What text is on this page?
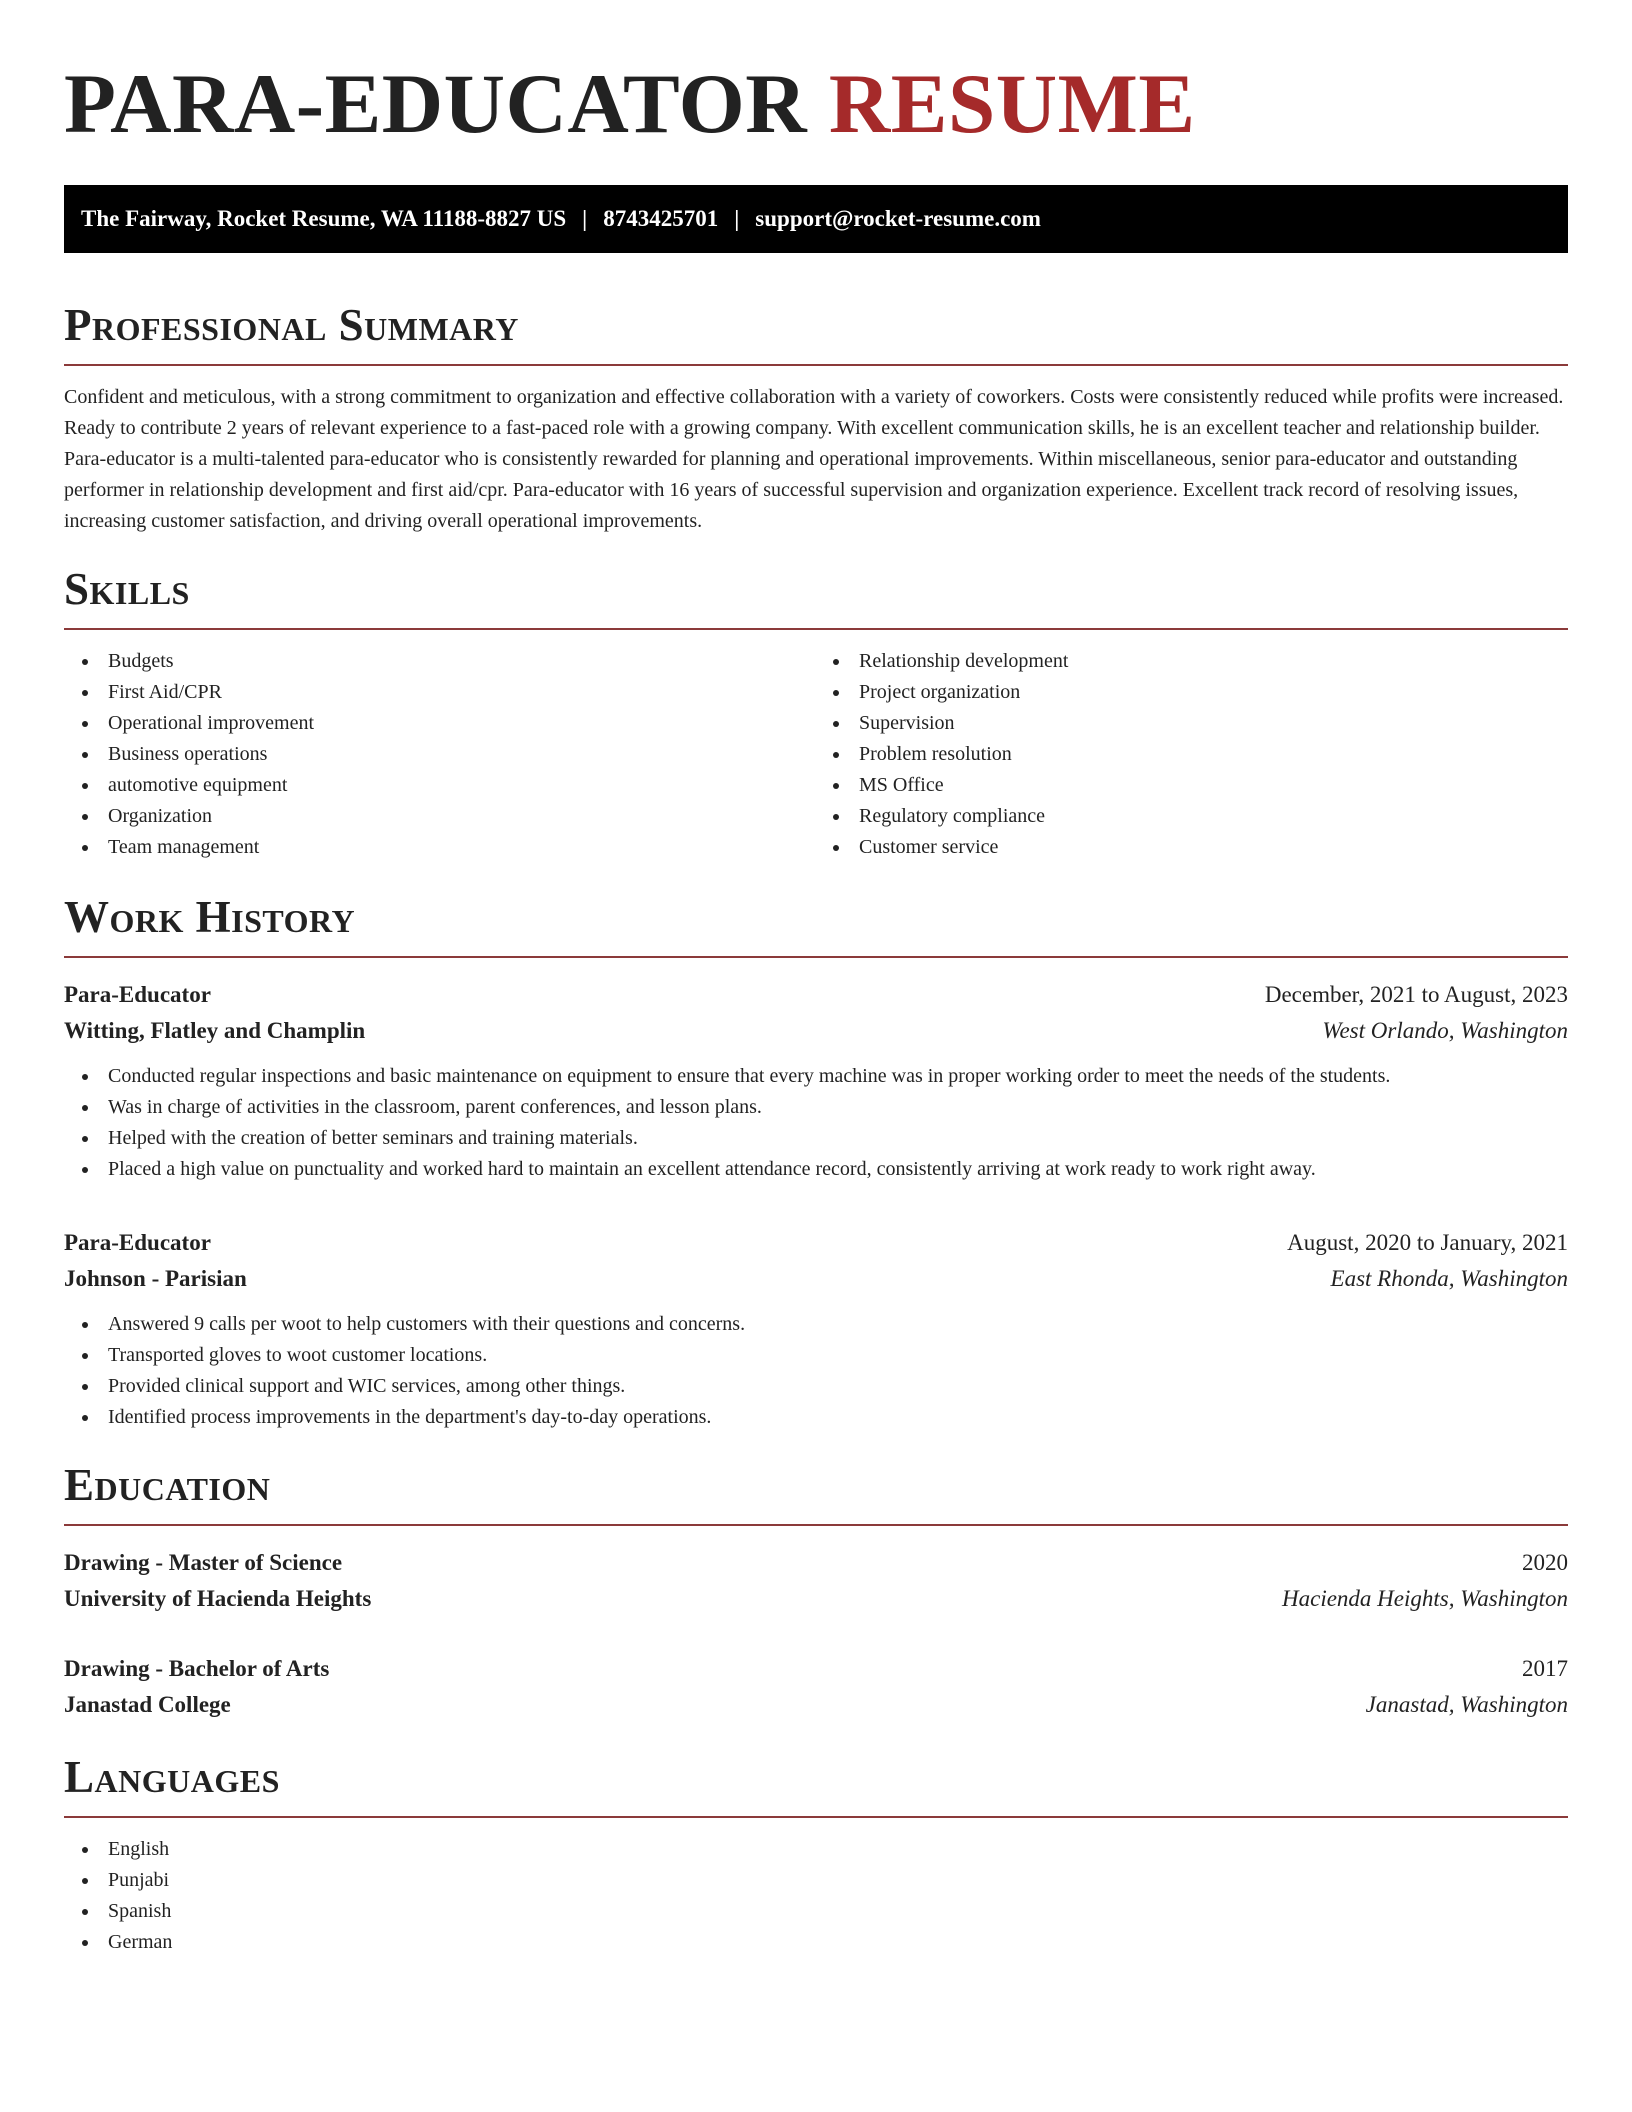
PARA-EDUCATOR RESUME
The Fairway, Rocket Resume, WA 11188-8827 US | 8743425701 | support@rocket-resume.com
Professional Summary

Confident and meticulous, with a strong commitment to organization and effective collaboration with a variety of coworkers. Costs were consistently reduced while profits were increased. Ready to contribute 2 years of relevant experience to a fast-paced role with a growing company. With excellent communication skills, he is an excellent teacher and relationship builder. Para-educator is a multi-talented para-educator who is consistently rewarded for planning and operational improvements. Within miscellaneous, senior para-educator and outstanding performer in relationship development and first aid/cpr. Para-educator with 16 years of successful supervision and organization experience. Excellent track record of resolving issues, increasing customer satisfaction, and driving overall operational improvements.

Skills
Budgets
First Aid/CPR
Operational improvement
Business operations
automotive equipment
Organization
Team management
Relationship development
Project organization
Supervision
Problem resolution
MS Office
Regulatory compliance
Customer service
Work History
Para-Educator	December, 2021 to August, 2023
Witting, Flatley and Champlin	West Orlando, Washington
Conducted regular inspections and basic maintenance on equipment to ensure that every machine was in proper working order to meet the needs of the students.
Was in charge of activities in the classroom, parent conferences, and lesson plans.
Helped with the creation of better seminars and training materials.
Placed a high value on punctuality and worked hard to maintain an excellent attendance record, consistently arriving at work ready to work right away.
Para-Educator	August, 2020 to January, 2021
Johnson - Parisian	East Rhonda, Washington
Answered 9 calls per woot to help customers with their questions and concerns.
Transported gloves to woot customer locations.
Provided clinical support and WIC services, among other things.
Identified process improvements in the department's day-to-day operations.
Education
Drawing - Master of Science	2020
University of Hacienda Heights	Hacienda Heights, Washington
Drawing - Bachelor of Arts	2017
Janastad College	Janastad, Washington
Languages
English
Punjabi
Spanish
German
